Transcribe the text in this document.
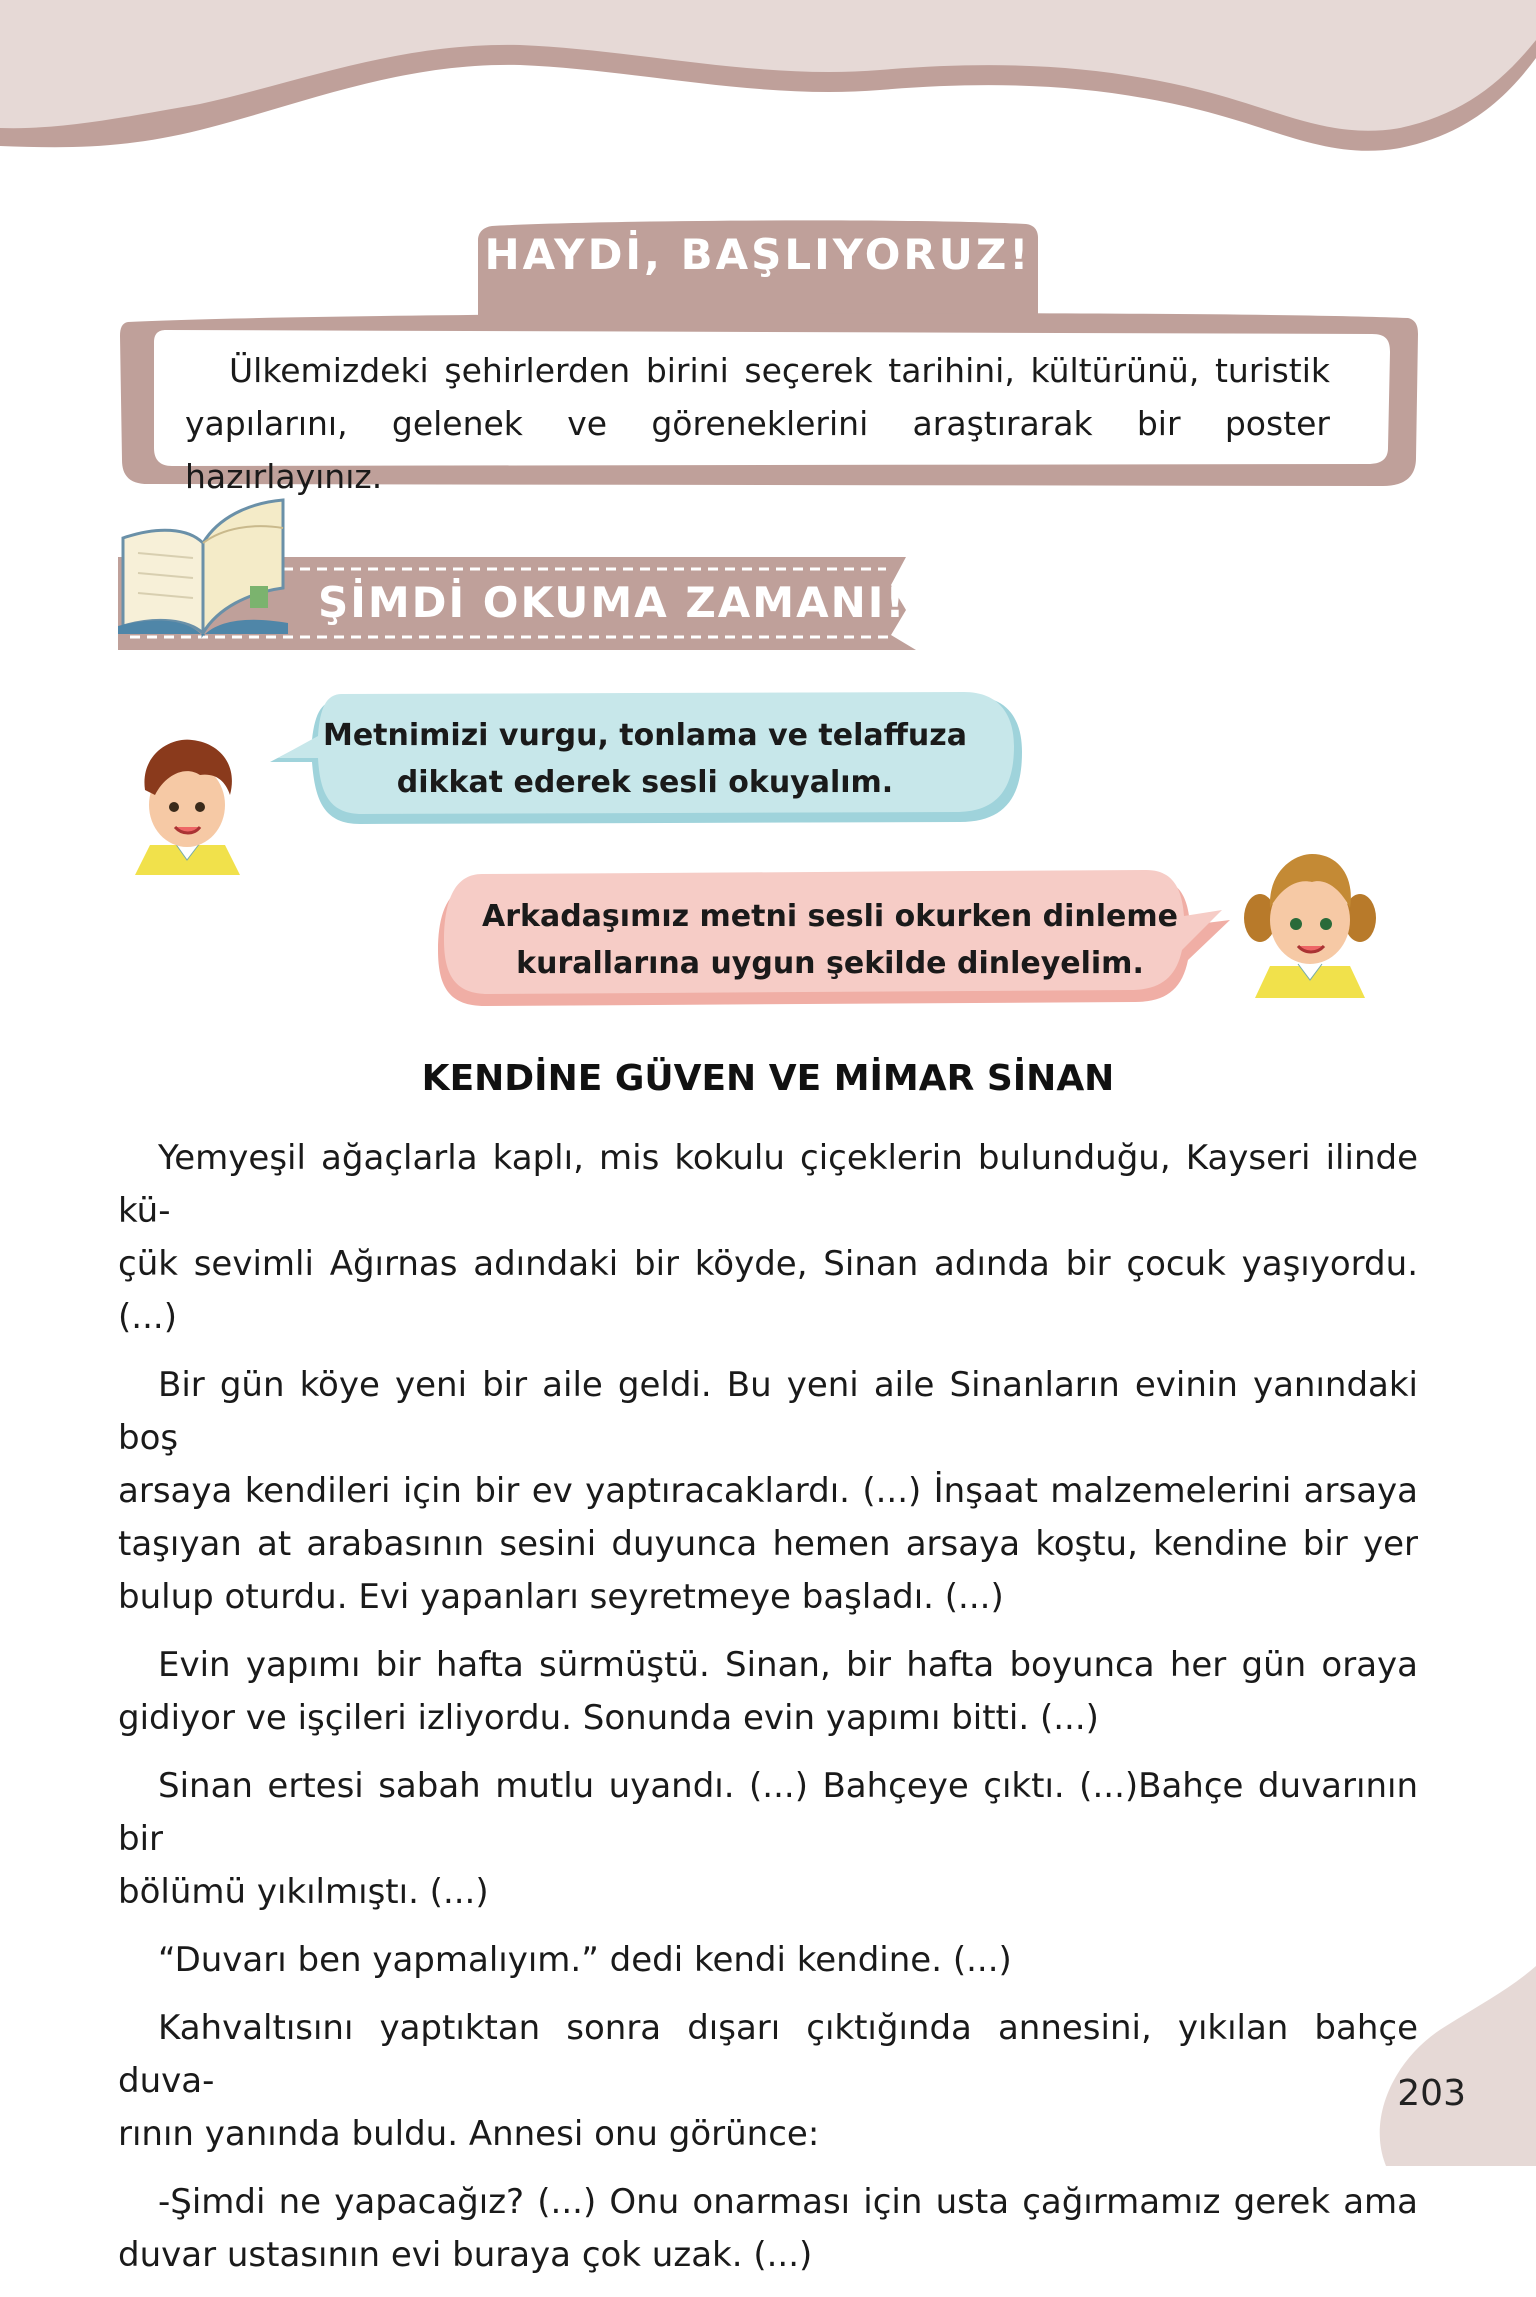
HAYDİ, BAŞLIYORUZ!
Ülkemizdeki şehirlerden birini seçerek tarihini, kültürünü, turistik
yapılarını, gelenek ve göreneklerini araştırarak bir poster hazırlayınız.
ŞİMDİ OKUMA ZAMANI!
Metnimizi vurgu, tonlama ve telaffuza
dikkat ederek sesli okuyalım.
Arkadaşımız metni sesli okurken dinleme
kurallarına uygun şekilde dinleyelim.
KENDİNE GÜVEN VE MİMAR SİNAN
Yemyeşil ağaçlarla kaplı, mis kokulu çiçeklerin bulunduğu, Kayseri ilinde kü-
çük sevimli Ağırnas adındaki bir köyde, Sinan adında bir çocuk yaşıyordu. (...)
Bir gün köye yeni bir aile geldi. Bu yeni aile Sinanların evinin yanındaki boş
arsaya kendileri için bir ev yaptıracaklardı. (...) İnşaat malzemelerini arsaya
taşıyan at arabasının sesini duyunca hemen arsaya koştu, kendine bir yer
bulup oturdu. Evi yapanları seyretmeye başladı. (...)
Evin yapımı bir hafta sürmüştü. Sinan, bir hafta boyunca her gün oraya
gidiyor ve işçileri izliyordu. Sonunda evin yapımı bitti. (...)
Sinan ertesi sabah mutlu uyandı. (...) Bahçeye çıktı. (...)Bahçe duvarının bir
bölümü yıkılmıştı. (...)
“Duvarı ben yapmalıyım.” dedi kendi kendine. (...)
Kahvaltısını yaptıktan sonra dışarı çıktığında annesini, yıkılan bahçe duva-
rının yanında buldu. Annesi onu görünce:
-Şimdi ne yapacağız? (...) Onu onarması için usta çağırmamız gerek ama
duvar ustasının evi buraya çok uzak. (...)
203
